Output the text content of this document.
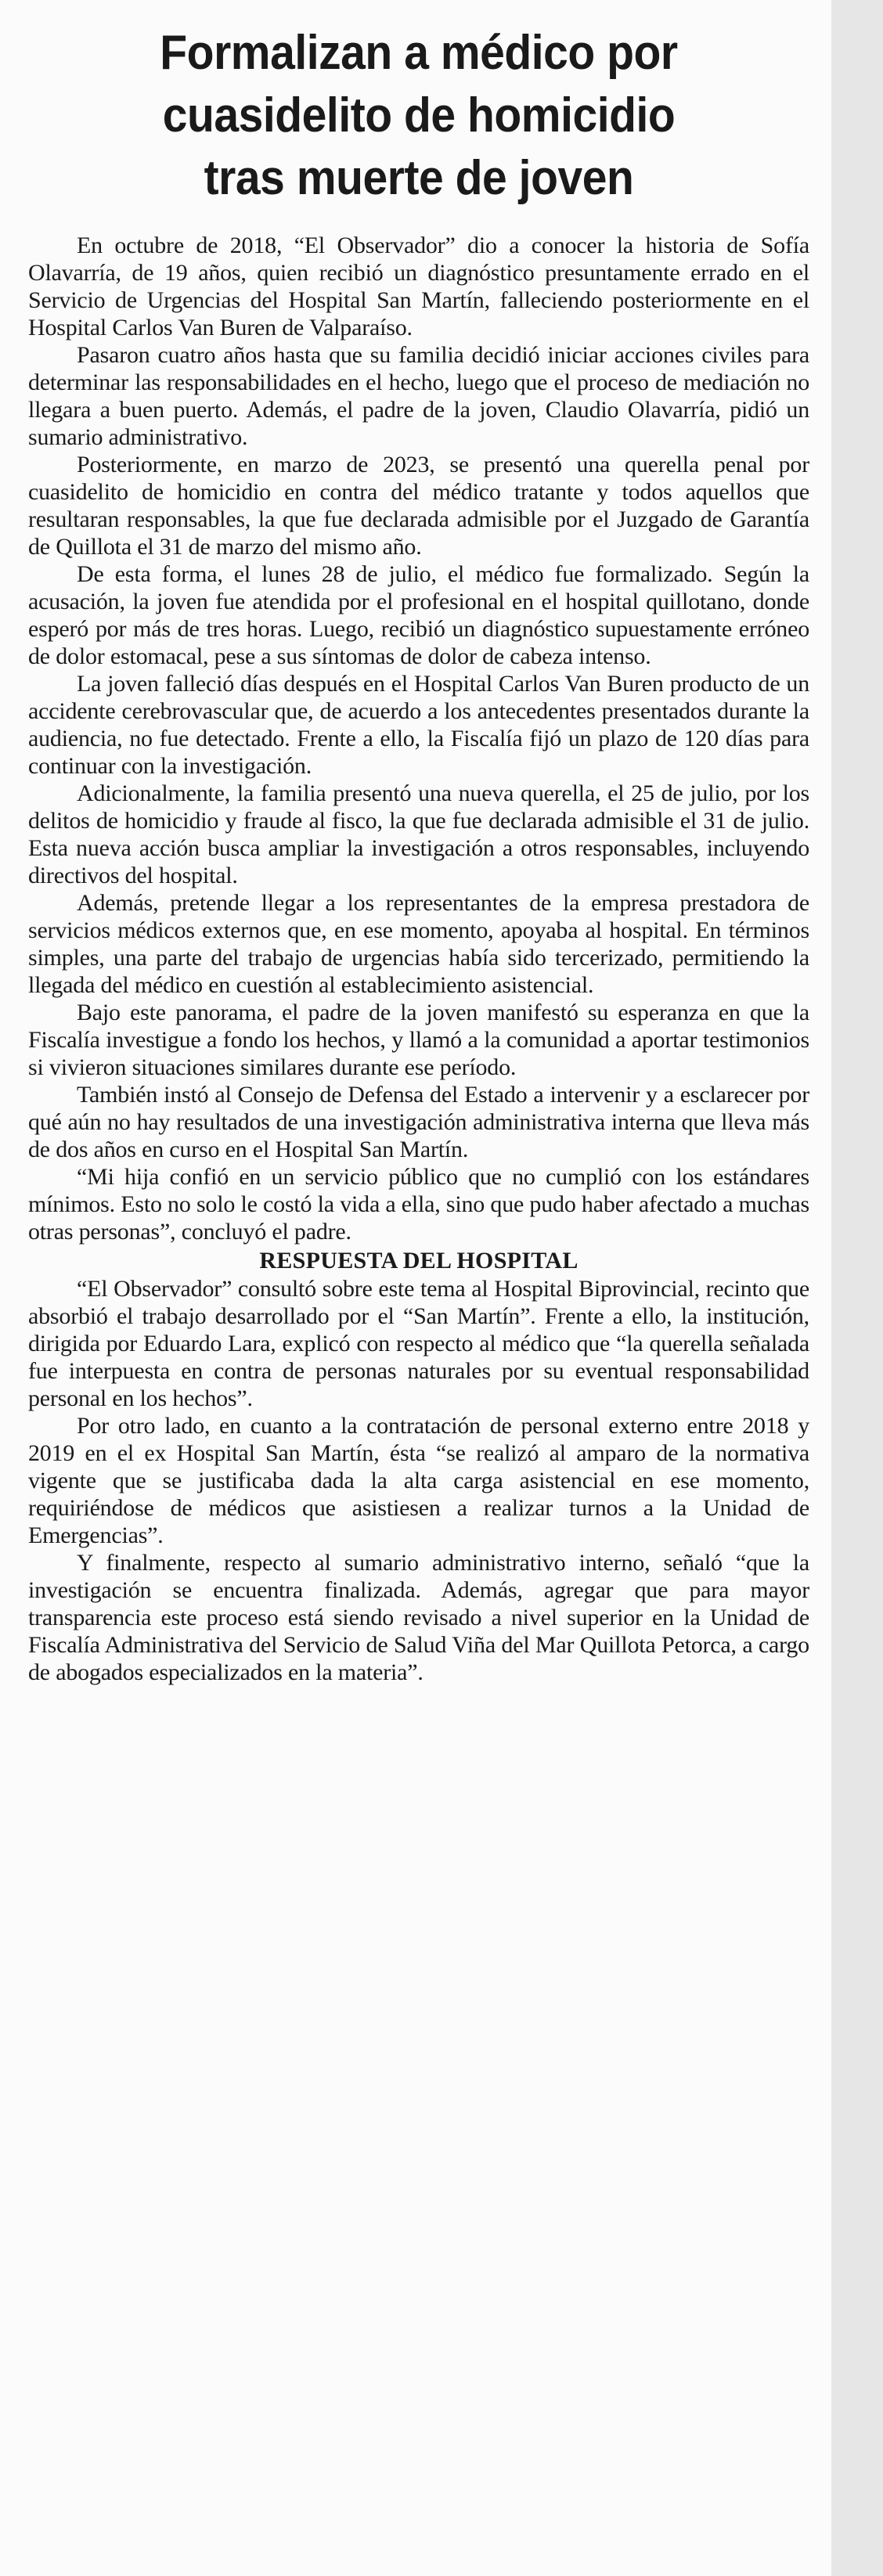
Formalizan a médico por
cuasidelito de homicidio
tras muerte de joven

En octubre de 2018, “El Observador” dio a conocer la historia de Sofía Olavarría, de 19 años, quien recibió un diagnóstico presuntamente errado en el Servicio de Urgencias del Hospital San Martín, falleciendo posteriormente en el Hospital Carlos Van Buren de Valparaíso.

Pasaron cuatro años hasta que su familia decidió iniciar acciones civiles para determinar las responsabilidades en el hecho, luego que el proceso de mediación no llegara a buen puerto. Además, el padre de la joven, Claudio Olavarría, pidió un sumario administrativo.

Posteriormente, en marzo de 2023, se presentó una querella penal por cuasidelito de homicidio en contra del médico tratante y todos aquellos que resultaran responsables, la que fue declarada admisible por el Juzgado de Garantía de Quillota el 31 de marzo del mismo año.

De esta forma, el lunes 28 de julio, el médico fue formalizado. Según la acusación, la joven fue atendida por el profesional en el hospital quillotano, donde esperó por más de tres horas. Luego, recibió un diagnóstico supuestamente erróneo de dolor estomacal, pese a sus síntomas de dolor de cabeza intenso.

La joven falleció días después en el Hospital Carlos Van Buren producto de un accidente cerebrovascular que, de acuerdo a los antecedentes presentados durante la audiencia, no fue detectado. Frente a ello, la Fiscalía fijó un plazo de 120 días para continuar con la investigación.

Adicionalmente, la familia presentó una nueva querella, el 25 de julio, por los delitos de homicidio y fraude al fisco, la que fue declarada admisible el 31 de julio. Esta nueva acción busca ampliar la investigación a otros responsables, incluyendo directivos del hospital.

Además, pretende llegar a los representantes de la empresa prestadora de servicios médicos externos que, en ese momento, apoyaba al hospital. En términos simples, una parte del trabajo de urgencias había sido tercerizado, permitiendo la llegada del médico en cuestión al establecimiento asistencial.

Bajo este panorama, el padre de la joven manifestó su esperanza en que la Fiscalía investigue a fondo los hechos, y llamó a la comunidad a aportar testimonios si vivieron situaciones similares durante ese período.

También instó al Consejo de Defensa del Estado a intervenir y a esclarecer por qué aún no hay resultados de una investigación administrativa interna que lleva más de dos años en curso en el Hospital San Martín.

“Mi hija confió en un servicio público que no cumplió con los estándares mínimos. Esto no solo le costó la vida a ella, sino que pudo haber afectado a muchas otras personas”, concluyó el padre.

RESPUESTA DEL HOSPITAL

“El Observador” consultó sobre este tema al Hospital Biprovincial, recinto que absorbió el trabajo desarrollado por el “San Martín”. Frente a ello, la institución, dirigida por Eduardo Lara, explicó con respecto al médico que “la querella señalada fue interpuesta en contra de personas naturales por su eventual responsabilidad personal en los hechos”.

Por otro lado, en cuanto a la contratación de personal externo entre 2018 y 2019 en el ex Hospital San Martín, ésta “se realizó al amparo de la normativa vigente que se justificaba dada la alta carga asistencial en ese momento, requiriéndose de médicos que asistiesen a realizar turnos a la Unidad de Emergencias”.

Y finalmente, respecto al sumario administrativo interno, señaló “que la investigación se encuentra finalizada. Además, agregar que para mayor transparencia este proceso está siendo revisado a nivel superior en la Unidad de Fiscalía Administrativa del Servicio de Salud Viña del Mar Quillota Petorca, a cargo de abogados especializados en la materia”.
